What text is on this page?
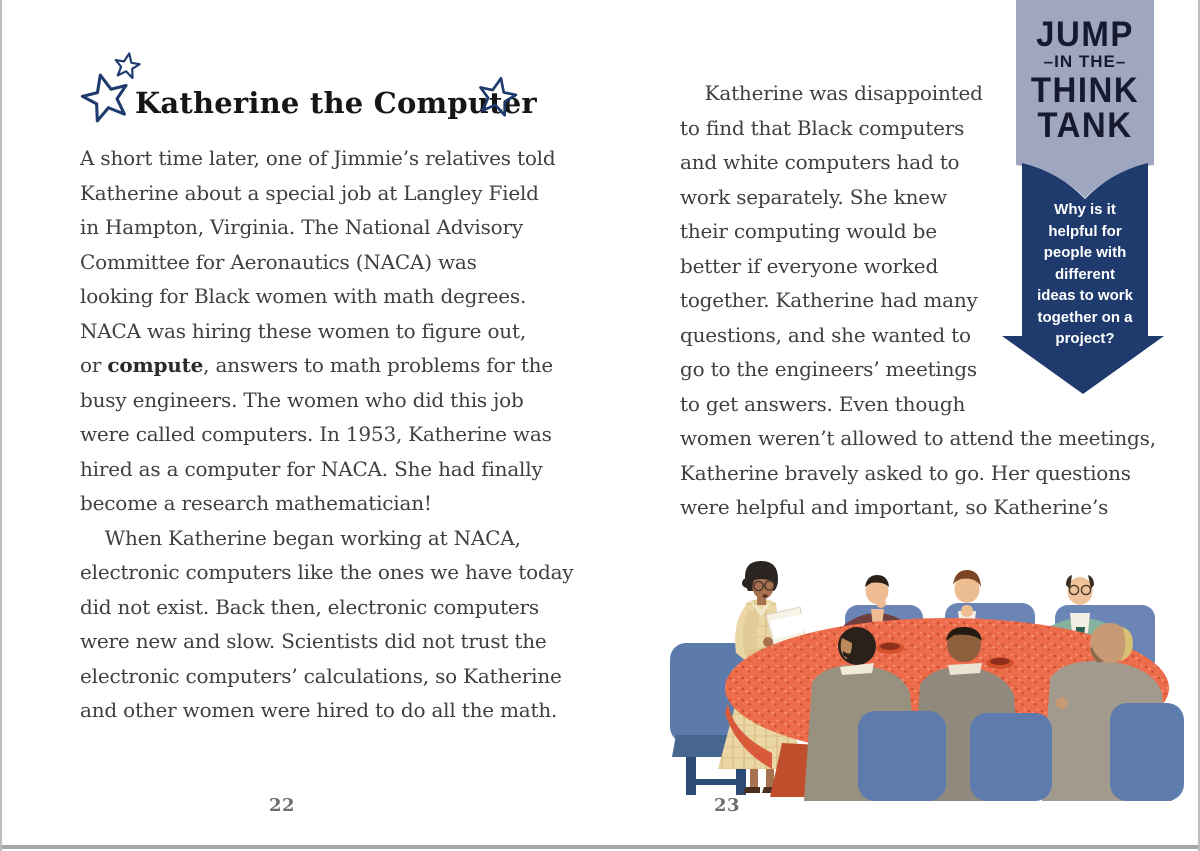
Katherine the Computer
A short time later, one of Jimmie’s relatives told
Katherine about a special job at Langley Field
in Hampton, Virginia. The National Advisory
Committee for Aeronautics (NACA) was
looking for Black women with math degrees.
NACA was hiring these women to figure out,
or compute, answers to math problems for the
busy engineers. The women who did this job
were called computers. In 1953, Katherine was
hired as a computer for NACA. She had finally
become a research mathematician!
When Katherine began working at NACA,
electronic computers like the ones we have today
did not exist. Back then, electronic computers
were new and slow. Scientists did not trust the
electronic computers’ calculations, so Katherine
and other women were hired to do all the math.
Katherine was disappointed
to find that Black computers
and white computers had to
work separately. She knew
their computing would be
better if everyone worked
together. Katherine had many
questions, and she wanted to
go to the engineers’ meetings
to get answers. Even though
women weren’t allowed to attend the meetings,
Katherine bravely asked to go. Her questions
were helpful and important, so Katherine’s
JUMP
–IN THE–
THINK
TANK
Why is it
helpful for
people with
different
ideas to work
together on a
project?
22	23
